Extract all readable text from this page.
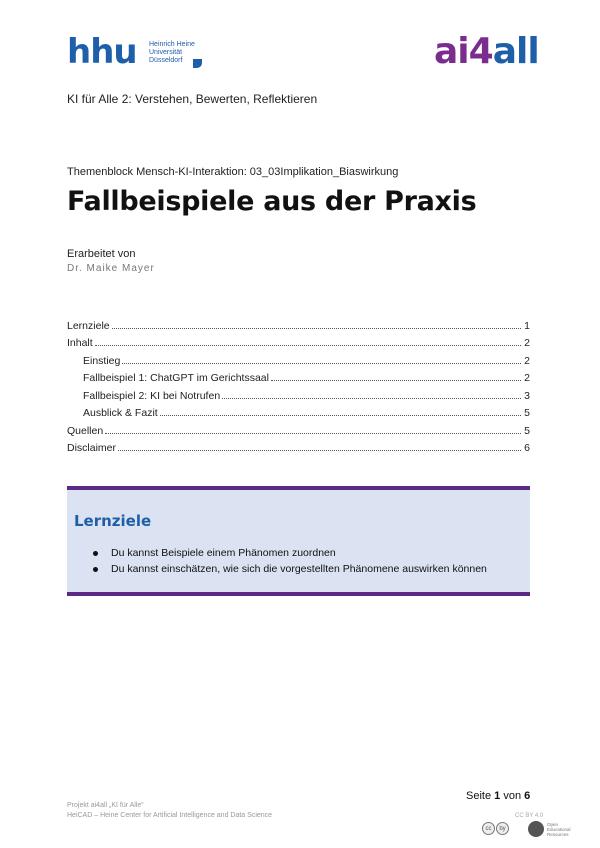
hhu Heinrich Heine
Universität
Düsseldorf	ai4all
KI für Alle 2: Verstehen, Bewerten, Reflektieren
Themenblock Mensch-KI-Interaktion: 03_03Implikation_Biaswirkung
Fallbeispiele aus der Praxis
Erarbeitet von
Dr. Maike Mayer
Lernziele	1
Inhalt	2
Einstieg	2
Fallbeispiel 1: ChatGPT im Gerichtssaal	2
Fallbeispiel 2: KI bei Notrufen	3
Ausblick & Fazit	5
Quellen	5
Disclaimer	6
Lernziele
Du kannst Beispiele einem Phänomen zuordnen
Du kannst einschätzen, wie sich die vorgestellten Phänomene auswirken können
Seite 1 von 6
Projekt ai4all „KI für Alle“
HeiCAD – Heine Center for Artificial Intelligence and Data Science	CC BY 4.0
cc	by
Open
Educational
Resources
